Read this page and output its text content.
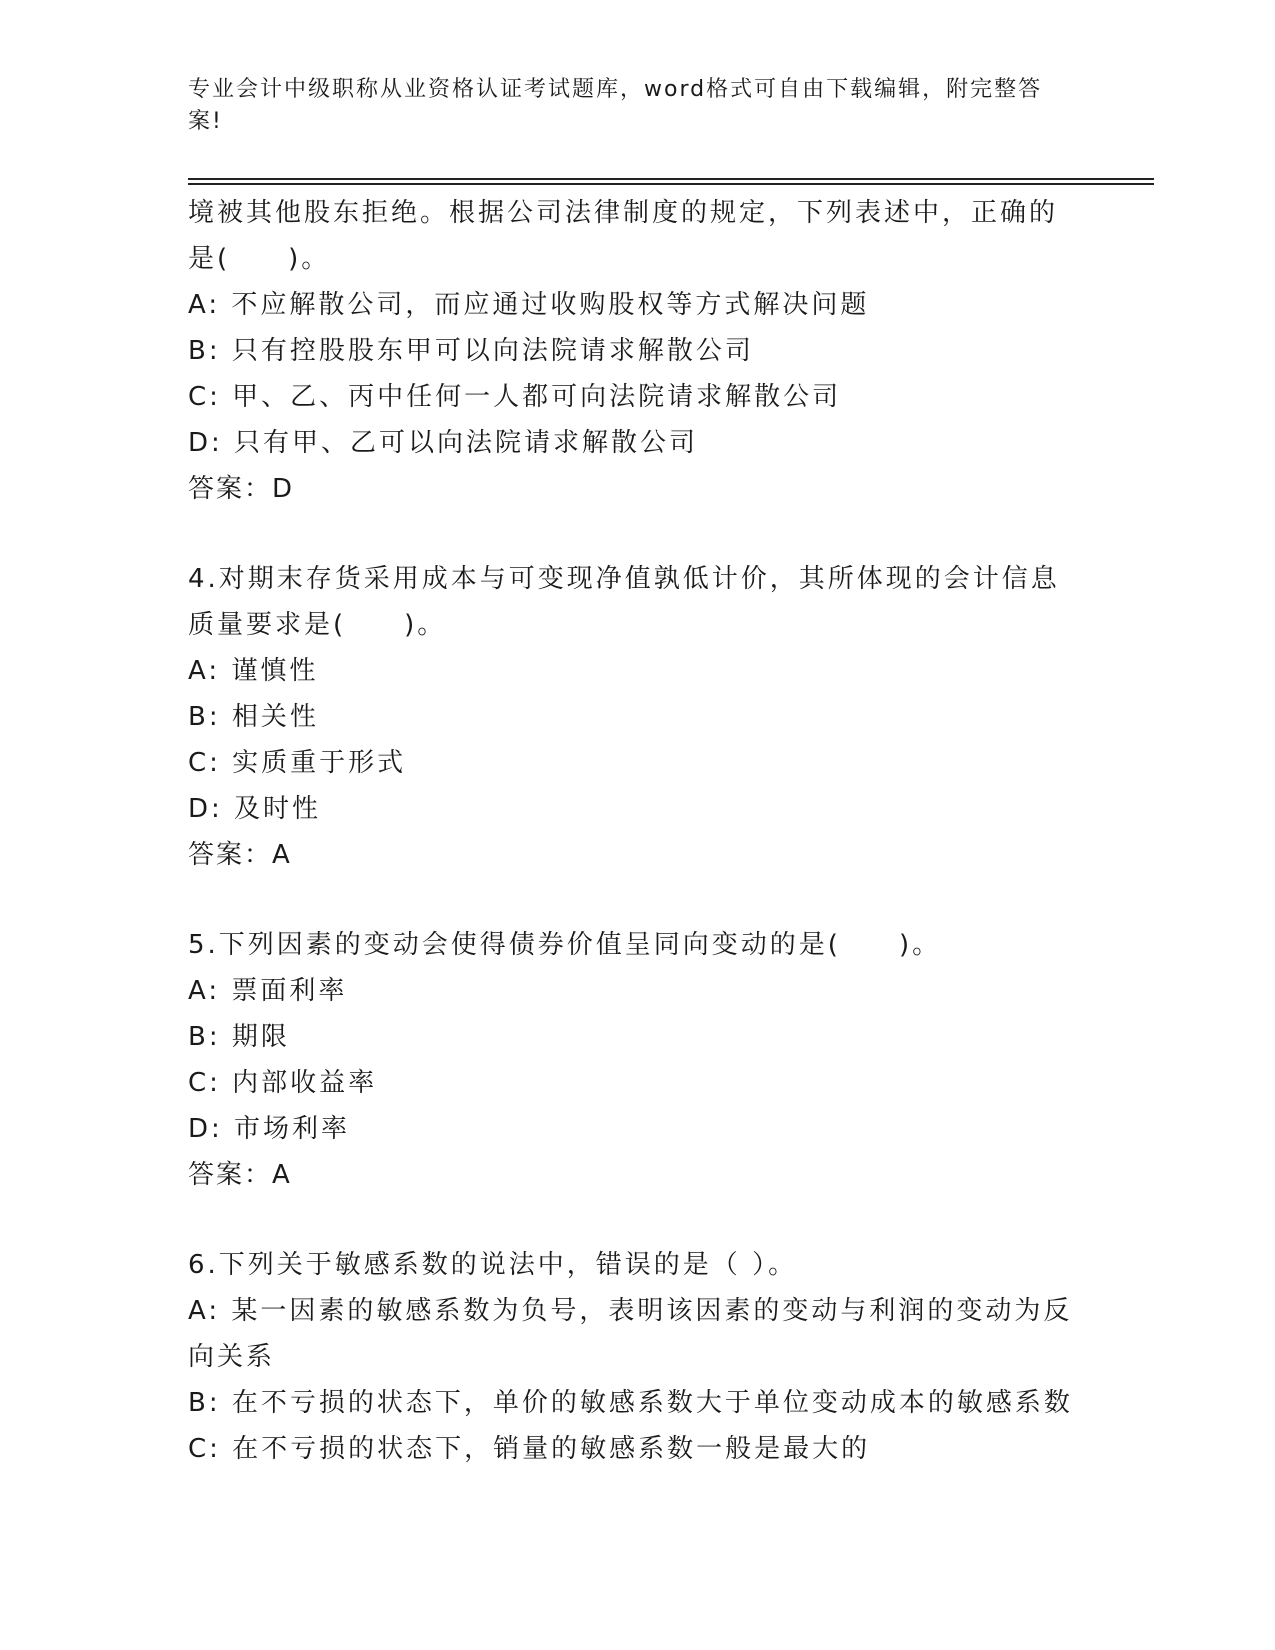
专业会计中级职称从业资格认证考试题库，word格式可自由下载编辑，附完整答
案!
境被其他股东拒绝。根据公司法律制度的规定，下列表述中，正确的
是(　　)。
A: 不应解散公司，而应通过收购股权等方式解决问题
B: 只有控股股东甲可以向法院请求解散公司
C: 甲、乙、丙中任何一人都可向法院请求解散公司
D: 只有甲、乙可以向法院请求解散公司
答案：D
4.对期末存货采用成本与可变现净值孰低计价，其所体现的会计信息
质量要求是(　　)。
A: 谨慎性
B: 相关性
C: 实质重于形式
D: 及时性
答案：A
5.下列因素的变动会使得债券价值呈同向变动的是(　　)。
A: 票面利率
B: 期限
C: 内部收益率
D: 市场利率
答案：A
6.下列关于敏感系数的说法中，错误的是（ ）。
A: 某一因素的敏感系数为负号，表明该因素的变动与利润的变动为反
向关系
B: 在不亏损的状态下，单价的敏感系数大于单位变动成本的敏感系数
C: 在不亏损的状态下，销量的敏感系数一般是最大的
